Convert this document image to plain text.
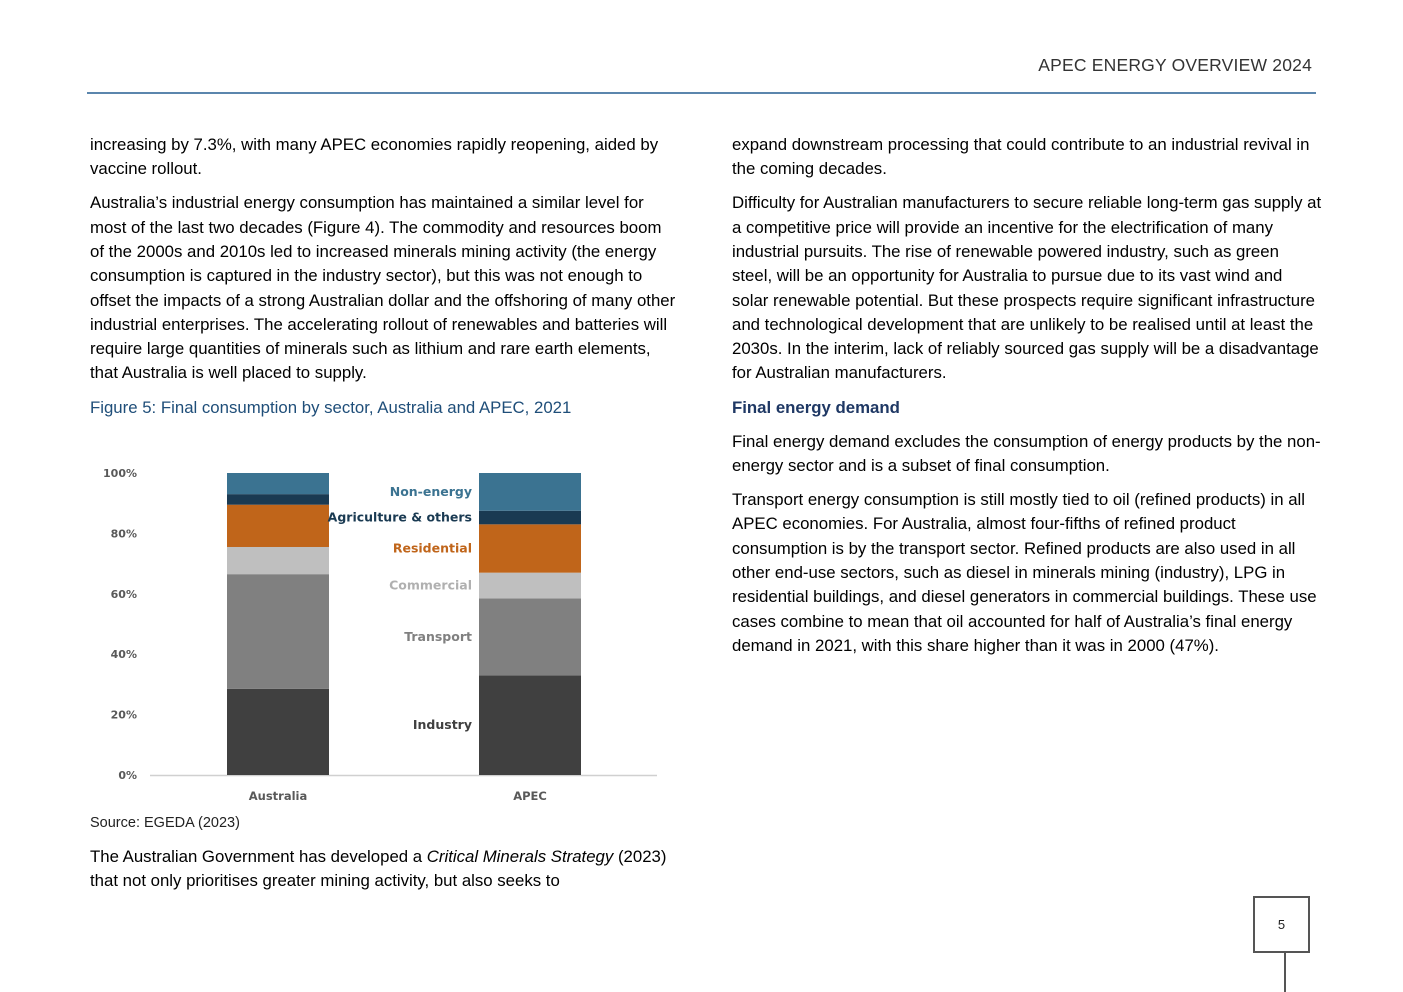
APEC ENERGY OVERVIEW 2024

increasing by 7.3%, with many APEC economies rapidly reopening, aided by vaccine rollout.

Australia’s industrial energy consumption has maintained a similar level for most of the last two decades (Figure 4). The commodity and resources boom of the 2000s and 2010s led to increased minerals mining activity (the energy consumption is captured in the industry sector), but this was not enough to offset the impacts of a strong Australian dollar and the offshoring of many other industrial enterprises. The accelerating rollout of renewables and batteries will require large quantities of minerals such as lithium and rare earth elements, that Australia is well placed to supply.

Figure 5: Final consumption by sector, Australia and APEC, 2021

0%
20%
40%
60%
80%
100%
Australia	APEC
Industry
Transport
Commercial
Residential
Agriculture & others
Non-energy
Source: EGEDA (2023)
The Australian Government has developed a Critical Minerals Strategy (2023) that not only prioritises greater mining activity, but also seeks to

expand downstream processing that could contribute to an industrial revival in the coming decades.

Difficulty for Australian manufacturers to secure reliable long-term gas supply at a competitive price will provide an incentive for the electrification of many industrial pursuits. The rise of renewable powered industry, such as green steel, will be an opportunity for Australia to pursue due to its vast wind and solar renewable potential. But these prospects require significant infrastructure and technological development that are unlikely to be realised until at least the 2030s. In the interim, lack of reliably sourced gas supply will be a disadvantage for Australian manufacturers.

Final energy demand

Final energy demand excludes the consumption of energy products by the non-energy sector and is a subset of final consumption.

Transport energy consumption is still mostly tied to oil (refined products) in all APEC economies. For Australia, almost four-fifths of refined product consumption is by the transport sector. Refined products are also used in all other end-use sectors, such as diesel in minerals mining (industry), LPG in residential buildings, and diesel generators in commercial buildings. These use cases combine to mean that oil accounted for half of Australia’s final energy demand in 2021, with this share higher than it was in 2000 (47%).

5
